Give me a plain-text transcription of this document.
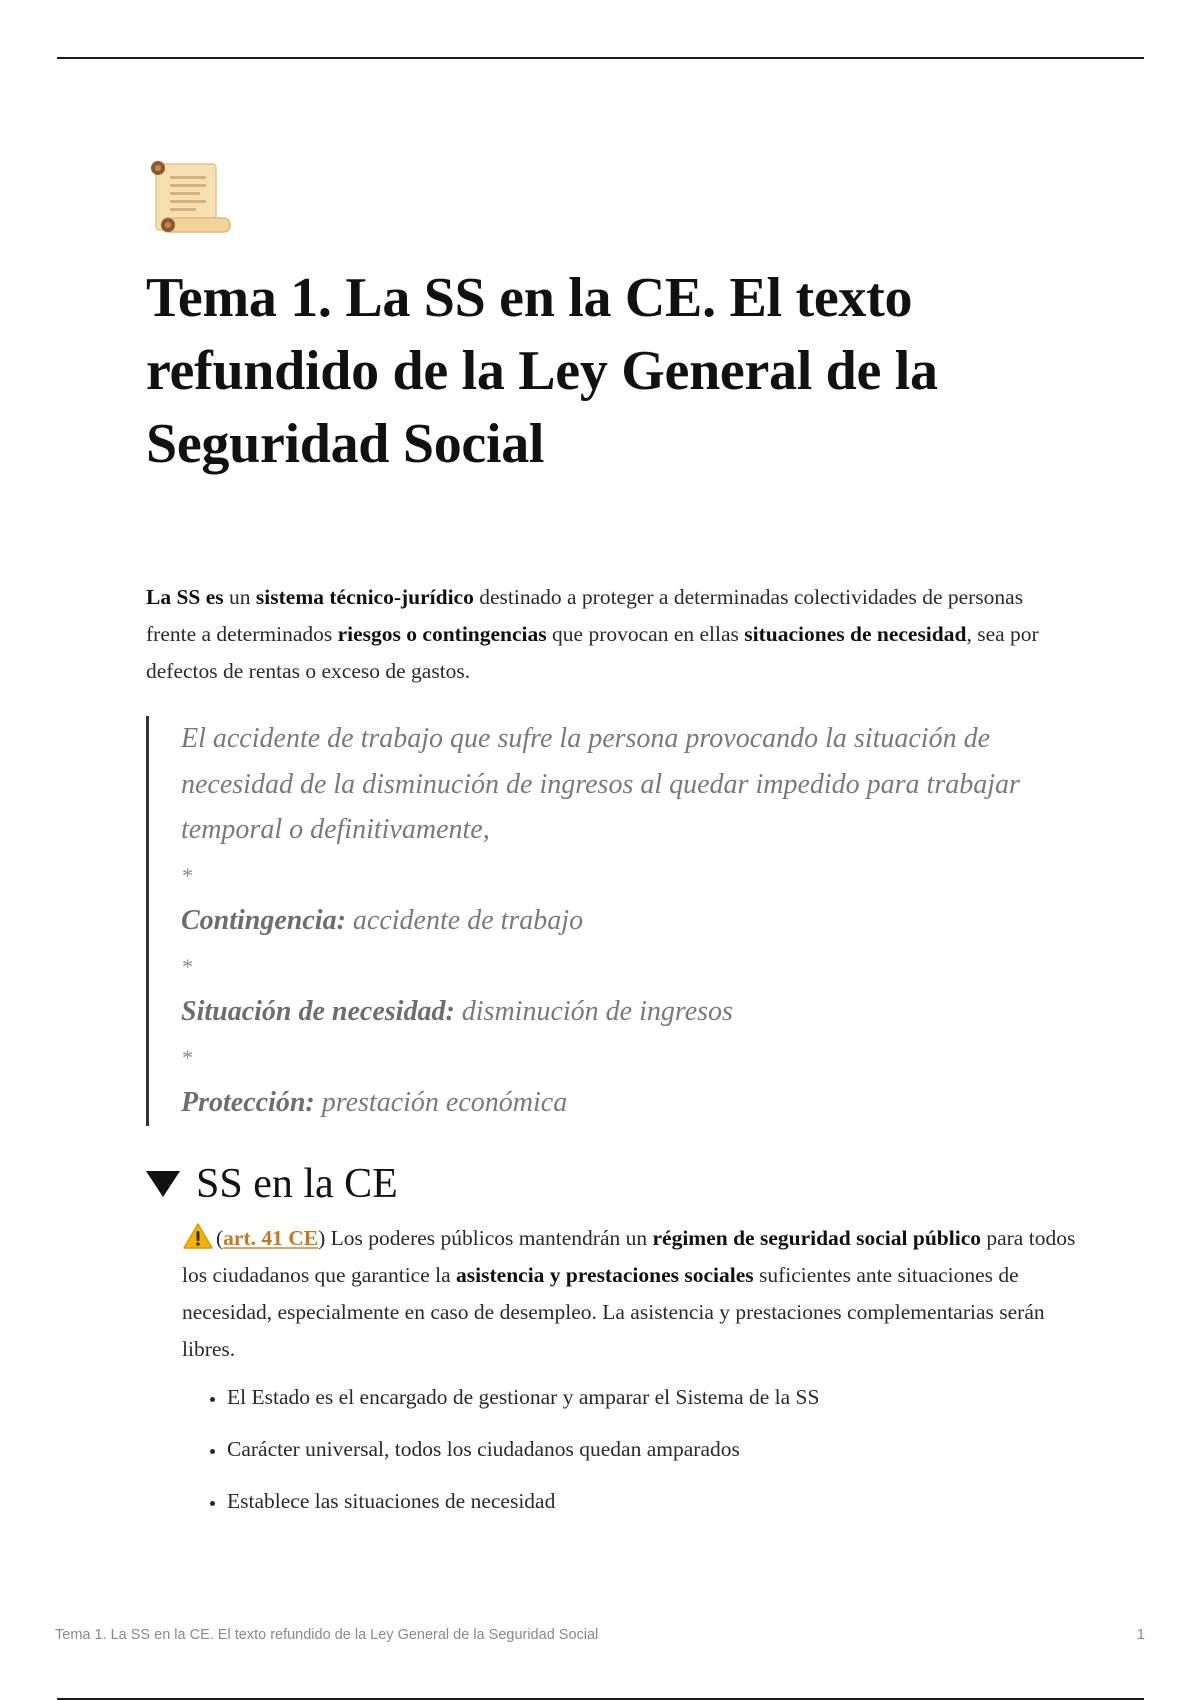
Tema 1. La SS en la CE. El texto refundido de la Ley General de la Seguridad Social

La SS es un sistema técnico-jurídico destinado a proteger a determinadas colectividades de personas frente a determinados riesgos o contingencias que provocan en ellas situaciones de necesidad, sea por defectos de rentas o exceso de gastos.

El accidente de trabajo que sufre la persona provocando la situación de necesidad de la disminución de ingresos al quedar impedido para trabajar temporal o definitivamente,
*
Contingencia: accidente de trabajo
*
Situación de necesidad: disminución de ingresos
*
Protección: prestación económica
SS en la CE

(art. 41 CE) Los poderes públicos mantendrán un régimen de seguridad social público para todos los ciudadanos que garantice la asistencia y prestaciones sociales suficientes ante situaciones de necesidad, especialmente en caso de desempleo. La asistencia y prestaciones complementarias serán libres.

• El Estado es el encargado de gestionar y amparar el Sistema de la SS
• Carácter universal, todos los ciudadanos quedan amparados
• Establece las situaciones de necesidad
Tema 1. La SS en la CE. El texto refundido de la Ley General de la Seguridad Social	1
